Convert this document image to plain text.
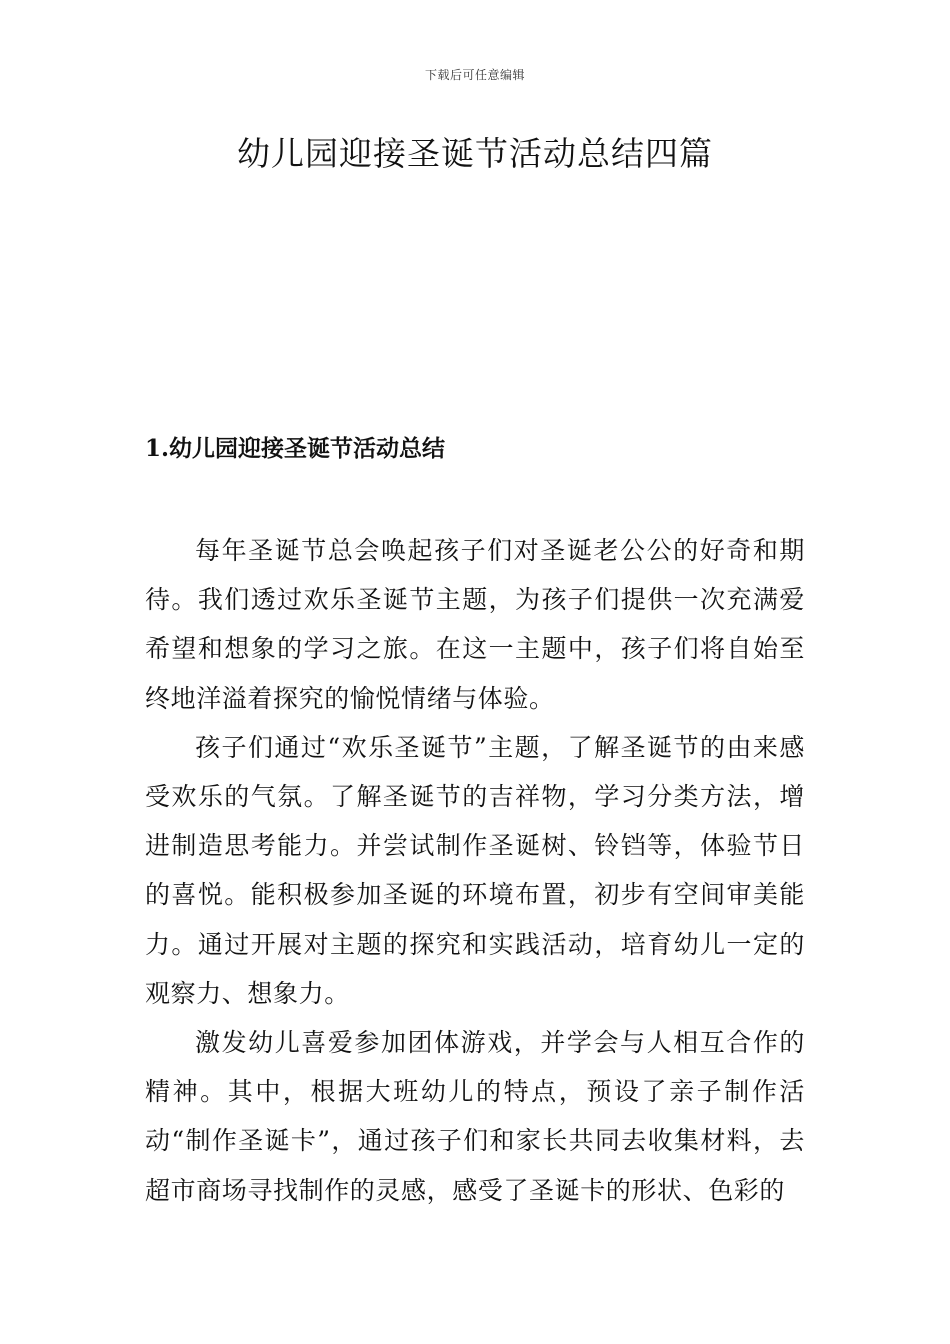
下载后可任意编辑
幼儿园迎接圣诞节活动总结四篇
1.幼儿园迎接圣诞节活动总结

每年圣诞节总会唤起孩子们对圣诞老公公的好奇和期待。我们透过欢乐圣诞节主题，为孩子们提供一次充满爱希望和想象的学习之旅。在这一主题中，孩子们将自始至终地洋溢着探究的愉悦情绪与体验。

孩子们通过“欢乐圣诞节”主题，了解圣诞节的由来感受欢乐的气氛。了解圣诞节的吉祥物，学习分类方法，增进制造思考能力。并尝试制作圣诞树、铃铛等，体验节日的喜悦。能积极参加圣诞的环境布置，初步有空间审美能力。通过开展对主题的探究和实践活动，培育幼儿一定的观察力、想象力。

激发幼儿喜爱参加团体游戏，并学会与人相互合作的精神。其中，根据大班幼儿的特点，预设了亲子制作活动“制作圣诞卡”，通过孩子们和家长共同去收集材料，去超市商场寻找制作的灵感，感受了圣诞卡的形状、色彩的
